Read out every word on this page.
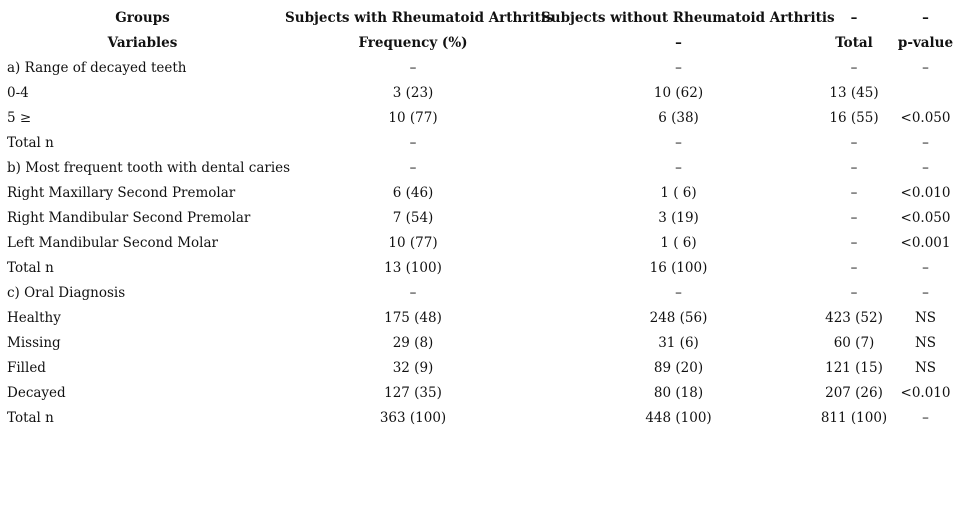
Groups	Subjects with Rheumatoid Arthritis	Subjects without Rheumatoid Arthritis	–	–
Variables	Frequency (%)	–	Total	p-value
a) Range of decayed teeth	–	–	–	–
0-4	3 (23)	10 (62)	13 (45)	
5 ≥	10 (77)	6 (38)	16 (55)	<0.050
Total n	–	–	–	–
b) Most frequent tooth with dental caries	–	–	–	–
Right Maxillary Second Premolar	6 (46)	1 ( 6)	–	<0.010
Right Mandibular Second Premolar	7 (54)	3 (19)	–	<0.050
Left Mandibular Second Molar	10 (77)	1 ( 6)	–	<0.001
Total n	13 (100)	16 (100)	–	–
c) Oral Diagnosis	–	–	–	–
Healthy	175 (48)	248 (56)	423 (52)	NS
Missing	29 (8)	31 (6)	60 (7)	NS
Filled	32 (9)	89 (20)	121 (15)	NS
Decayed	127 (35)	80 (18)	207 (26)	<0.010
Total n	363 (100)	448 (100)	811 (100)	–
